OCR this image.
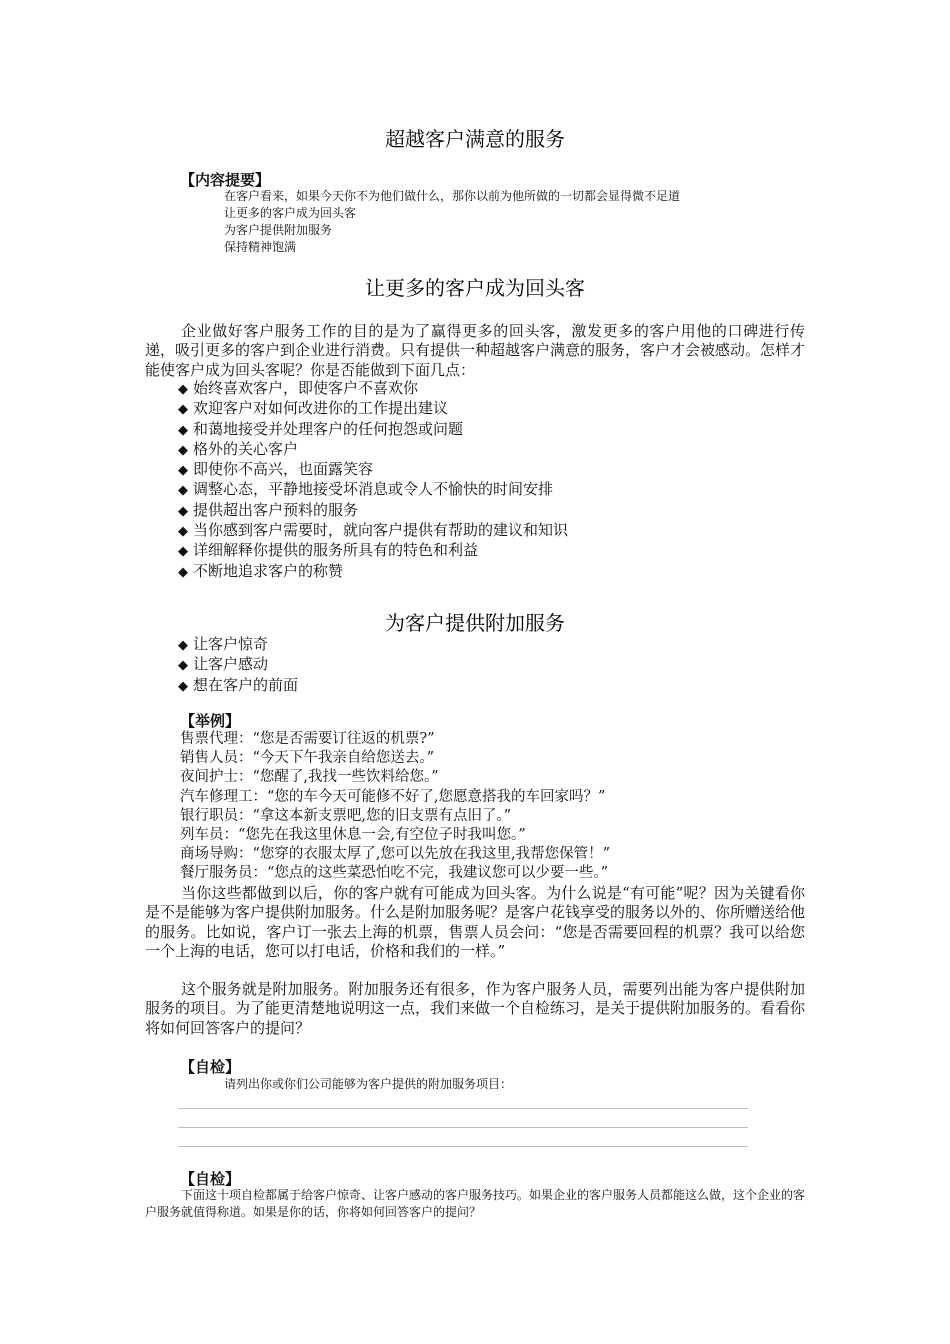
超越客户满意的服务
【内容提要】
在客户看来，如果今天你不为他们做什么，那你以前为他所做的一切都会显得微不足道
让更多的客户成为回头客
为客户提供附加服务
保持精神饱满
让更多的客户成为回头客
企业做好客户服务工作的目的是为了赢得更多的回头客，激发更多的客户用他的口碑进行传递，吸引更多的客户到企业进行消费。只有提供一种超越客户满意的服务，客户才会被感动。怎样才能使客户成为回头客呢？你是否能做到下面几点：
◆ 始终喜欢客户，即使客户不喜欢你
◆ 欢迎客户对如何改进你的工作提出建议
◆ 和蔼地接受并处理客户的任何抱怨或问题
◆ 格外的关心客户
◆ 即使你不高兴，也面露笑容
◆ 调整心态，平静地接受坏消息或令人不愉快的时间安排
◆ 提供超出客户预料的服务
◆ 当你感到客户需要时，就向客户提供有帮助的建议和知识
◆ 详细解释你提供的服务所具有的特色和利益
◆ 不断地追求客户的称赞
为客户提供附加服务
◆ 让客户惊奇
◆ 让客户感动
◆ 想在客户的前面
【举例】
售票代理：“您是否需要订往返的机票?”
销售人员：“今天下午我亲自给您送去。”
夜间护士：“您醒了,我找一些饮料给您。”
汽车修理工：“您的车今天可能修不好了,您愿意搭我的车回家吗？”
银行职员：“拿这本新支票吧,您的旧支票有点旧了。”
列车员：“您先在我这里休息一会,有空位子时我叫您。”
商场导购：“您穿的衣服太厚了,您可以先放在我这里,我帮您保管！”
餐厅服务员：“您点的这些菜恐怕吃不完，我建议您可以少要一些。”
当你这些都做到以后，你的客户就有可能成为回头客。为什么说是“有可能”呢？因为关键看你是不是能够为客户提供附加服务。什么是附加服务呢？是客户花钱享受的服务以外的、你所赠送给他的服务。比如说，客户订一张去上海的机票，售票人员会问：“您是否需要回程的机票？我可以给您一个上海的电话，您可以打电话，价格和我们的一样。”
这个服务就是附加服务。附加服务还有很多，作为客户服务人员，需要列出能为客户提供附加服务的项目。为了能更清楚地说明这一点，我们来做一个自检练习，是关于提供附加服务的。看看你将如何回答客户的提问？
【自检】
请列出你或你们公司能够为客户提供的附加服务项目：
【自检】
下面这十项自检都属于给客户惊奇、让客户感动的客户服务技巧。如果企业的客户服务人员都能这么做，这个企业的客户服务就值得称道。如果是你的话，你将如何回答客户的提问？
